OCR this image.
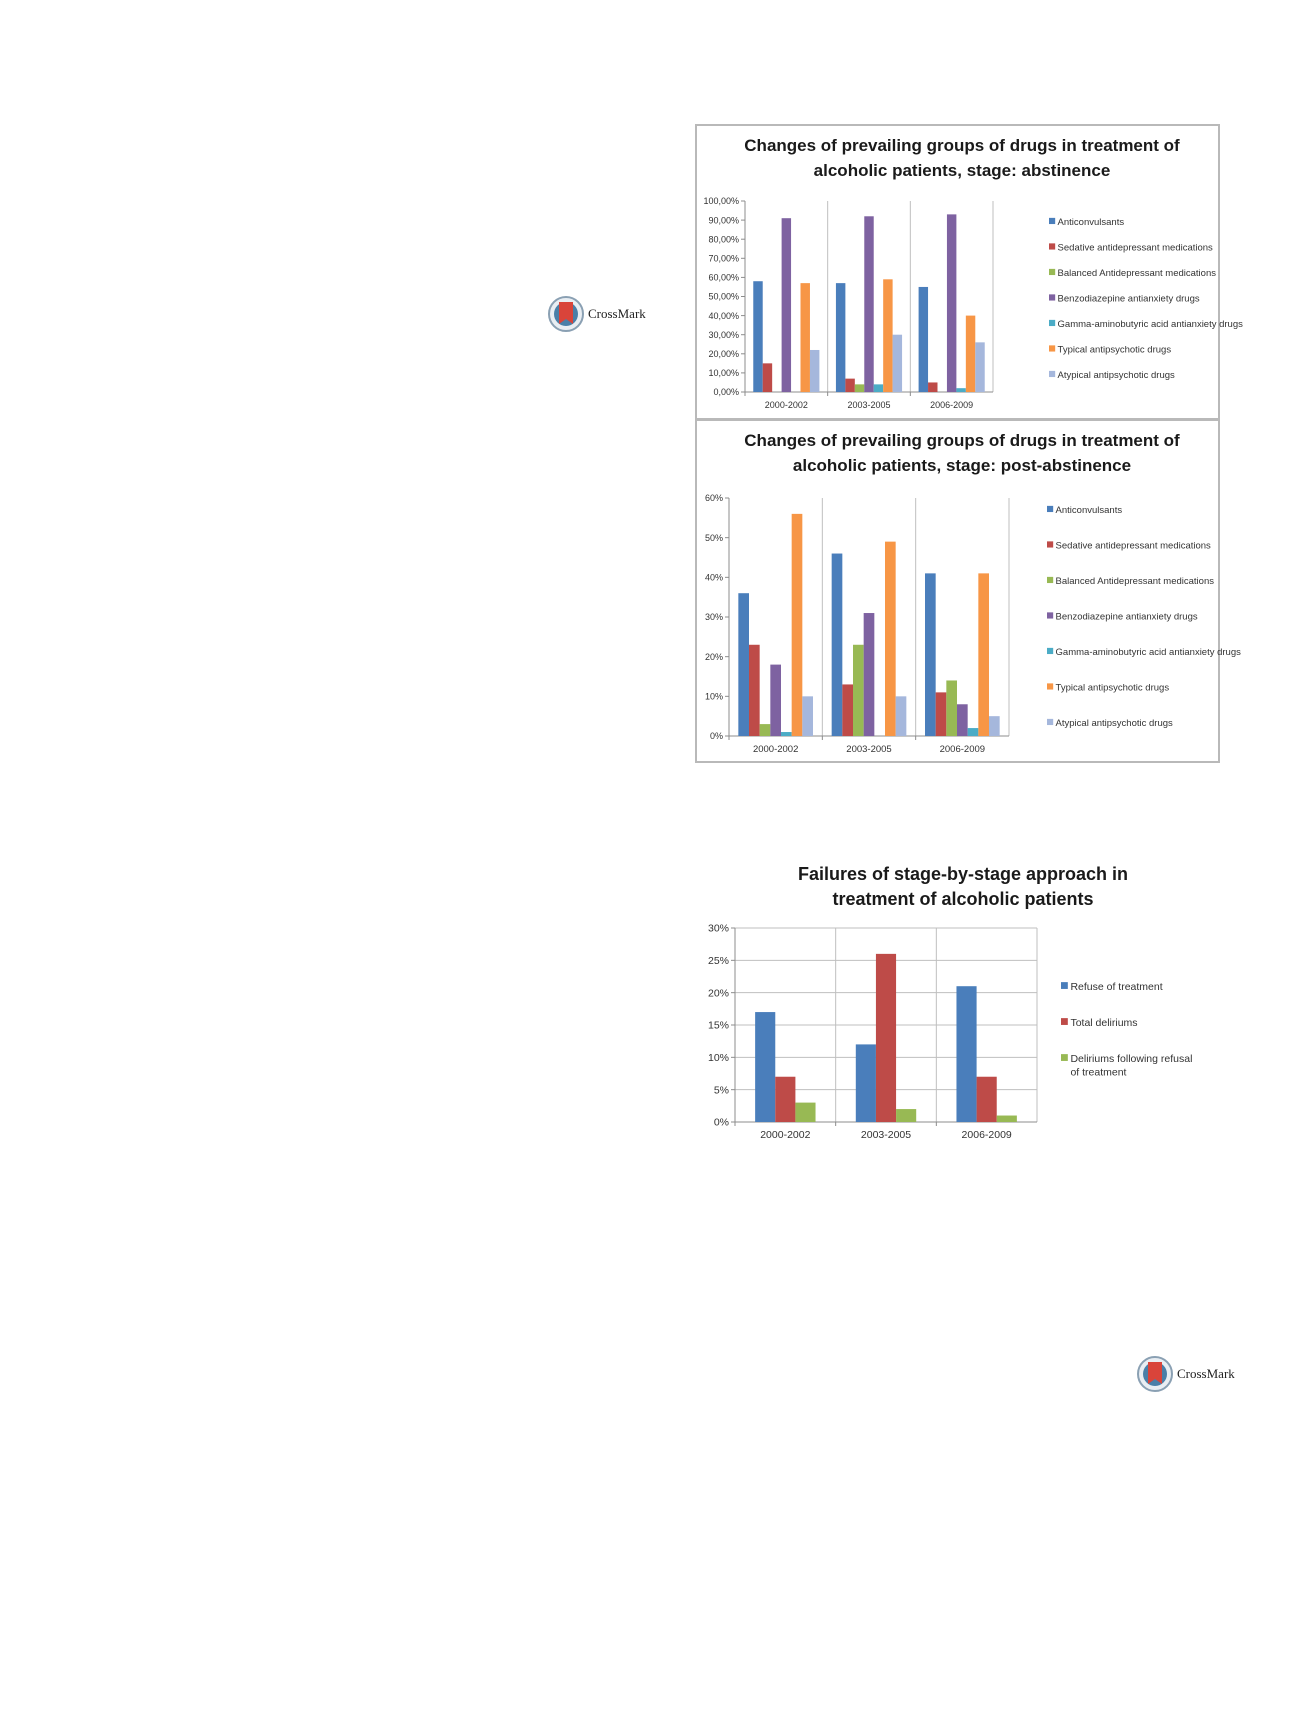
Changes of prevailing groups of drugs in treatment of
alcoholic patients, stage: abstinence
0,00%
10,00%
20,00%
30,00%
40,00%
50,00%
60,00%
70,00%
80,00%
90,00%
100,00%
2000-2002	2003-2005	2006-2009
Anticonvulsants
Sedative antidepressant medications
Balanced Antidepressant medications
Benzodiazepine antianxiety drugs
Gamma-aminobutyric acid antianxiety drugs
Typical antipsychotic drugs
Atypical antipsychotic drugs
Changes of prevailing groups of drugs in treatment of
alcoholic patients, stage: post-abstinence
0%
10%
20%
30%
40%
50%
60%
2000-2002	2003-2005	2006-2009
Anticonvulsants
Sedative antidepressant medications
Balanced Antidepressant medications
Benzodiazepine antianxiety drugs
Gamma-aminobutyric acid antianxiety drugs
Typical antipsychotic drugs
Atypical antipsychotic drugs
Failures of stage-by-stage approach in
treatment of alcoholic patients
0%
5%
10%
15%
20%
25%
30%
2000-2002	2003-2005	2006-2009
Refuse of treatment
Total deliriums
Deliriums following refusal of treatment
CrossMark
CrossMark
